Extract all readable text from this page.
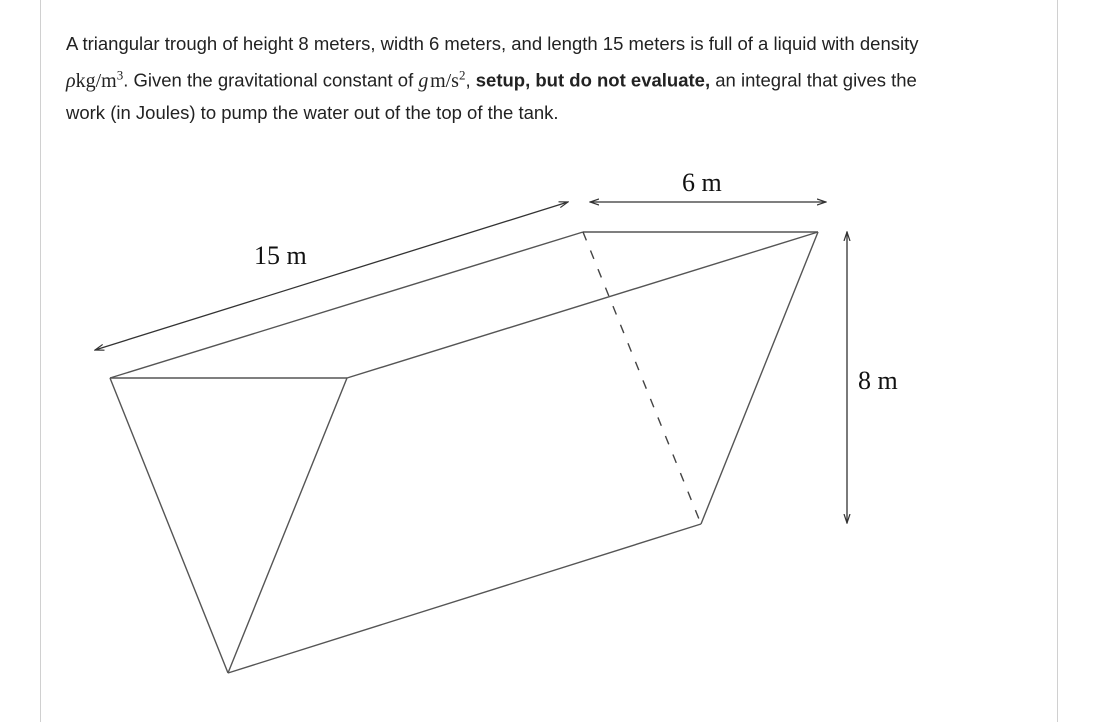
A triangular trough of height 8 meters, width 6 meters, and length 15 meters is full of a liquid with density
ρkg/$m^3$. Given the gravitational constant of g $m/s^2$, setup, but do not evaluate, an integral that gives the
work (in Joules) to pump the water out of the top of the tank.
15 m
6 m
8 m
